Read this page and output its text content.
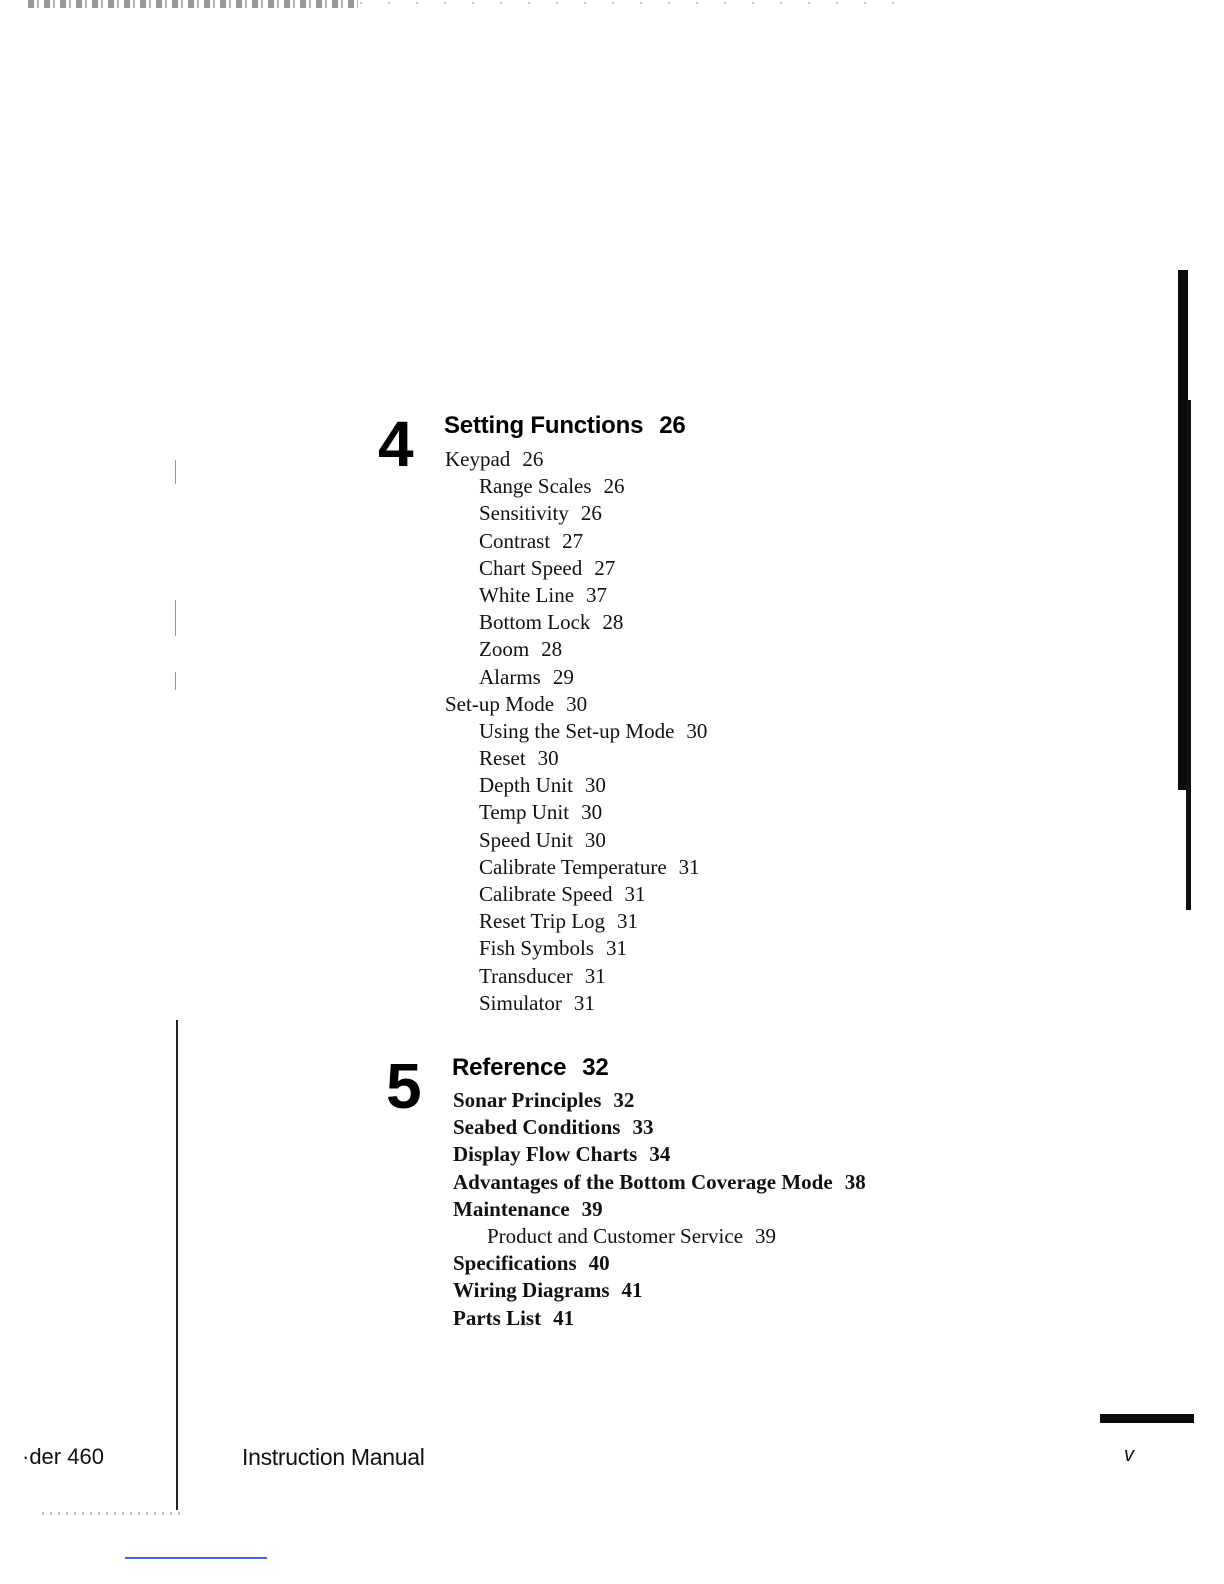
4 Setting Functions 26
Keypad 26
Range Scales 26
Sensitivity 26
Contrast 27
Chart Speed 27
White Line 37
Bottom Lock 28
Zoom 28
Alarms 29
Set-up Mode 30
Using the Set-up Mode 30
Reset 30
Depth Unit 30
Temp Unit 30
Speed Unit 30
Calibrate Temperature 31
Calibrate Speed 31
Reset Trip Log 31
Fish Symbols 31
Transducer 31
Simulator 31
5 Reference 32
Sonar Principles 32
Seabed Conditions 33
Display Flow Charts 34
Advantages of the Bottom Coverage Mode 38
Maintenance 39
Product and Customer Service 39
Specifications 40
Wiring Diagrams 41
Parts List 41
·der 460	Instruction Manual	v
